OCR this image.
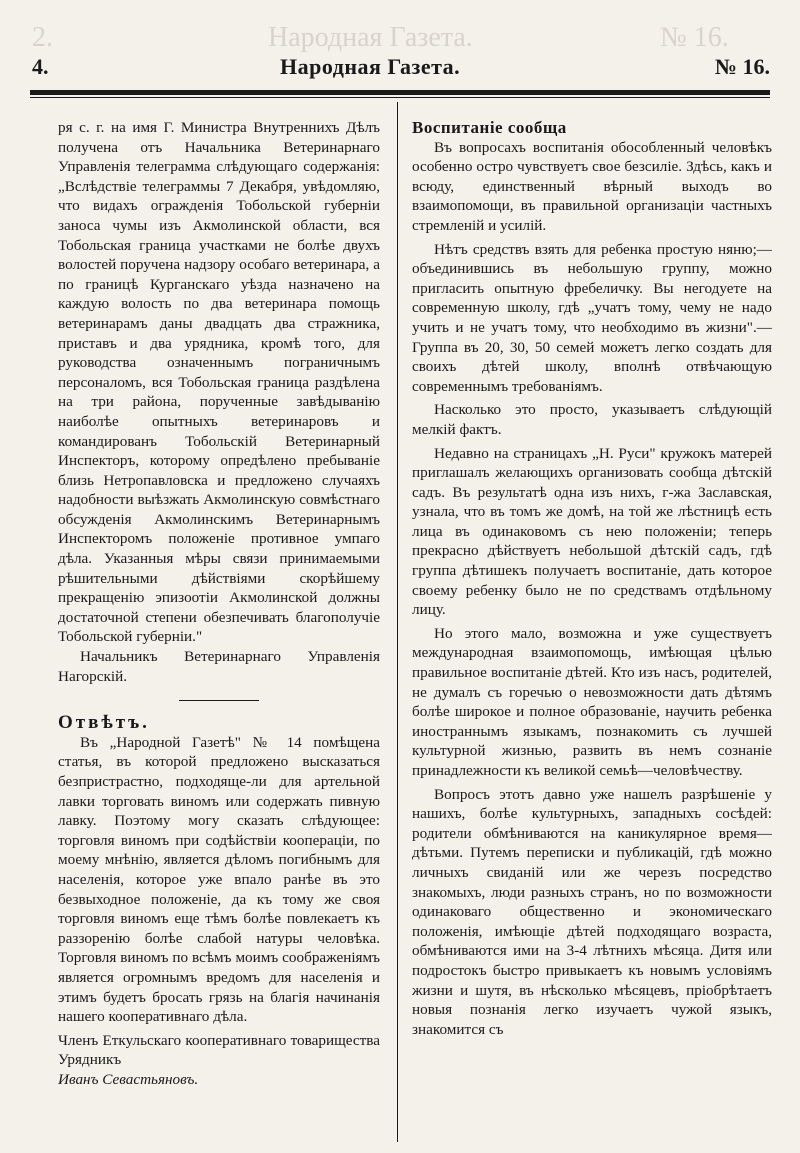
2.	Народная Газета.	№ 16.
4.	Народная Газета.	№ 16.

ря с. г. на имя Г. Министра Внутреннихъ Дѣлъ получена отъ Начальника Ветеринарнаго Управленія телеграмма слѣдующаго содержанія: „Вслѣдствіе телеграммы 7 Декабря, увѣдомляю, что видахъ огражденія Тобольской губерніи заноса чумы изъ Акмолинской области, вся Тобольская граница участками не болѣе двухъ волостей поручена надзору особаго ветеринара, а по границѣ Курганскаго уѣзда назначено на каждую волость по два ветеринара помощь ветеринарамъ даны двадцать два стражника, приставъ и два урядника, кромѣ того, для руководства означеннымъ пограничнымъ персоналомъ, вся Тобольская граница раздѣлена на три района, порученные завѣдыванію наиболѣе опытныхъ ветеринаровъ и командированъ Тобольскій Ветеринарный Инспекторъ, которому опредѣлено пребываніе близь Нетропавловска и предложено случаяхъ надобности выѣзжать Акмолинскую совмѣстнаго обсужденія Акмолинскимъ Ветеринарнымъ Инспекторомъ положеніе противное умпаго дѣла. Указанныя мѣры связи принимаемыми рѣшительными дѣйствіями скорѣйшему прекращенію эпизоотіи Акмолинской должны достаточной степени обезпечивать благополучіе Тобольской губерніи."

Начальникъ Ветеринарнаго Управленія Нагорскій.

Отвѣтъ.

Въ „Народной Газетѣ" № 14 помѣщена статья, въ которой предложено высказаться безпристрастно, подходяще-ли для артельной лавки торговать виномъ или содержать пивную лавку. Поэтому могу сказать слѣдующее: торговля виномъ при содѣйствіи кооперацiи, по моему мнѣнію, является дѣломъ погибнымъ для населенія, которое уже впало ранѣе въ это безвыходное положеніе, да къ тому же своя торговля виномъ еще тѣмъ болѣе повлекаетъ къ раззоренію болѣе слабой натуры человѣка. Торговля виномъ по всѣмъ моимъ соображеніямъ является огромнымъ вредомъ для населенія и этимъ будетъ бросать грязь на благія начинанія нашего кооперативнаго дѣла.

Членъ Еткульскаго кооперативнаго товарищества Урядникъ

Иванъ Севастьяновъ.

Воспитаніе сообща

Въ вопросахъ воспитанія обособленный человѣкъ особенно остро чувствуетъ свое безсиліе. Здѣсь, какъ и всюду, единственный вѣрный выходъ во взаимопомощи, въ правильной организаціи частныхъ стремленій и усилій.

Нѣтъ средствъ взять для ребенка простую няню;—объединившись въ небольшую группу, можно пригласить опытную фребеличку. Вы негодуете на современную школу, гдѣ „учатъ тому, чему не надо учить и не учатъ тому, что необходимо въ жизни".—Группа въ 20, 30, 50 семей можетъ легко создать для своихъ дѣтей школу, вполнѣ отвѣчающую современнымъ требованіямъ.

Насколько это просто, указываетъ слѣдующій мелкій фактъ.

Недавно на страницахъ „Н. Руси" кружокъ матерей приглашалъ желающихъ организовать сообща дѣтскій садъ. Въ результатѣ одна изъ нихъ, г-жа Заславская, узнала, что въ томъ же домѣ, на той же лѣстницѣ есть лица въ одинаковомъ съ нею положеніи; теперь прекрасно дѣйствуетъ небольшой дѣтскій садъ, гдѣ группа дѣтишекъ получаетъ воспитаніе, дать которое своему ребенку было не по средствамъ отдѣльному лицу.

Но этого мало, возможна и уже существуетъ международная взаимопомощь, имѣющая цѣлью правильное воспитаніе дѣтей. Кто изъ насъ, родителей, не думалъ съ горечью о невозможности дать дѣтямъ болѣе широкое и полное образованіе, научить ребенка иностраннымъ языкамъ, познакомить съ лучшей культурной жизнью, развить въ немъ сознаніе принадлежности къ великой семьѣ—человѣчеству.

Вопросъ этотъ давно уже нашелъ разрѣшеніе у нашихъ, болѣе культурныхъ, западныхъ сосѣдей: родители обмѣниваются на каникулярное время—дѣтьми. Путемъ переписки и публикацій, гдѣ можно личныхъ свиданій или же черезъ посредство знакомыхъ, люди разныхъ странъ, но по возможности одинаковаго общественно и экономическаго положенія, имѣющіе дѣтей подходящаго возраста, обмѣниваются ими на 3-4 лѣтнихъ мѣсяца. Дитя или подростокъ быстро привыкаетъ къ новымъ условіямъ жизни и шутя, въ нѣсколько мѣсяцевъ, пріобрѣтаетъ новыя познанія легко изучаетъ чужой языкъ, знакомится съ
